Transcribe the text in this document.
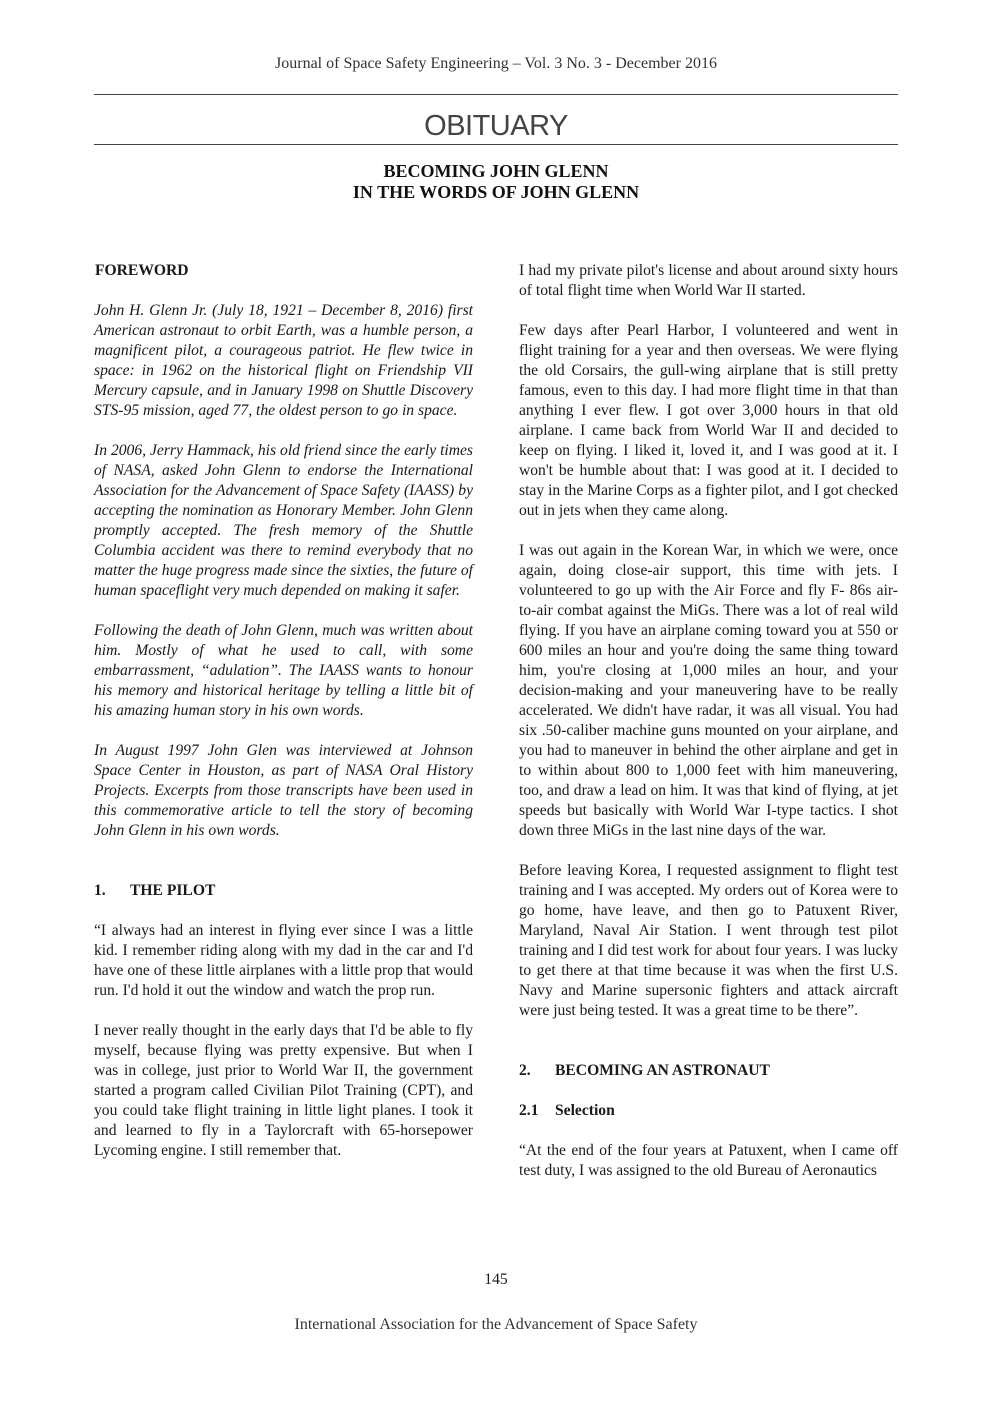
Journal of Space Safety Engineering – Vol. 3 No. 3 - December 2016
OBITUARY
BECOMING JOHN GLENN
IN THE WORDS OF JOHN GLENN
FOREWORD

John H. Glenn Jr. (July 18, 1921 – December 8, 2016) first American astronaut to orbit Earth, was a humble person, a magnificent pilot, a courageous patriot. He flew twice in space: in 1962 on the historical flight on Friendship VII Mercury capsule, and in January 1998 on Shuttle Discovery STS-95 mission, aged 77, the oldest person to go in space.

In 2006, Jerry Hammack, his old friend since the early times of NASA, asked John Glenn to endorse the International Association for the Advancement of Space Safety (IAASS) by accepting the nomination as Honorary Member. John Glenn promptly accepted. The fresh memory of the Shuttle Columbia accident was there to remind everybody that no matter the huge progress made since the sixties, the future of human spaceflight very much depended on making it safer.

Following the death of John Glenn, much was written about him. Mostly of what he used to call, with some embarrassment, “adulation”. The IAASS wants to honour his memory and historical heritage by telling a little bit of his amazing human story in his own words.

In August 1997 John Glen was interviewed at Johnson Space Center in Houston, as part of NASA Oral History Projects. Excerpts from those transcripts have been used in this commemorative article to tell the story of becoming John Glenn in his own words.

1. THE PILOT

“I always had an interest in flying ever since I was a little kid. I remember riding along with my dad in the car and I'd have one of these little airplanes with a little prop that would run. I'd hold it out the window and watch the prop run.

I never really thought in the early days that I'd be able to fly myself, because flying was pretty expensive. But when I was in college, just prior to World War II, the government started a program called Civilian Pilot Training (CPT), and you could take flight training in little light planes. I took it and learned to fly in a Taylorcraft with 65-horsepower Lycoming engine. I still remember that.

I had my private pilot's license and about around sixty hours of total flight time when World War II started.

Few days after Pearl Harbor, I volunteered and went in flight training for a year and then overseas. We were flying the old Corsairs, the gull-wing airplane that is still pretty famous, even to this day. I had more flight time in that than anything I ever flew. I got over 3,000 hours in that old airplane. I came back from World War II and decided to keep on flying. I liked it, loved it, and I was good at it. I won't be humble about that: I was good at it. I decided to stay in the Marine Corps as a fighter pilot, and I got checked out in jets when they came along.

I was out again in the Korean War, in which we were, once again, doing close-air support, this time with jets. I volunteered to go up with the Air Force and fly F- 86s air-to-air combat against the MiGs. There was a lot of real wild flying. If you have an airplane coming toward you at 550 or 600 miles an hour and you're doing the same thing toward him, you're closing at 1,000 miles an hour, and your decision-making and your maneuvering have to be really accelerated. We didn't have radar, it was all visual. You had six .50-caliber machine guns mounted on your airplane, and you had to maneuver in behind the other airplane and get in to within about 800 to 1,000 feet with him maneuvering, too, and draw a lead on him. It was that kind of flying, at jet speeds but basically with World War I-type tactics. I shot down three MiGs in the last nine days of the war.

Before leaving Korea, I requested assignment to flight test training and I was accepted. My orders out of Korea were to go home, have leave, and then go to Patuxent River, Maryland, Naval Air Station. I went through test pilot training and I did test work for about four years. I was lucky to get there at that time because it was when the first U.S. Navy and Marine supersonic fighters and attack aircraft were just being tested. It was a great time to be there”.

2. BECOMING AN ASTRONAUT
2.1 Selection

“At the end of the four years at Patuxent, when I came off test duty, I was assigned to the old Bureau of Aeronautics

145
International Association for the Advancement of Space Safety
